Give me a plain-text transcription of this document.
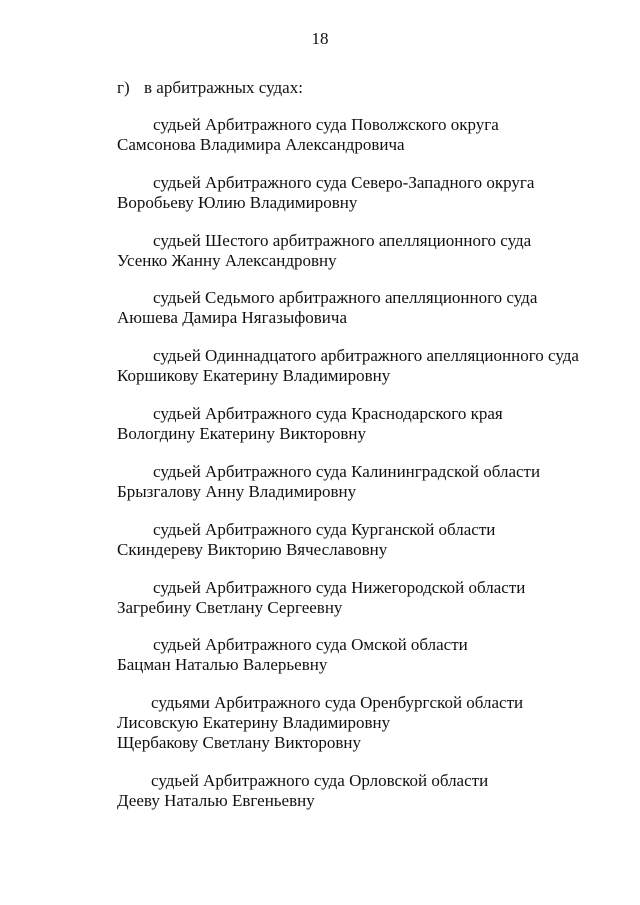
18
г) в арбитражных судах:
судьей Арбитражного суда Поволжского округа
Самсонова Владимира Александровича
судьей Арбитражного суда Северо-Западного округа
Воробьеву Юлию Владимировну
судьей Шестого арбитражного апелляционного суда
Усенко Жанну Александровну
судьей Седьмого арбитражного апелляционного суда
Аюшева Дамира Нягазыфовича
судьей Одиннадцатого арбитражного апелляционного суда
Коршикову Екатерину Владимировну
судьей Арбитражного суда Краснодарского края
Вологдину Екатерину Викторовну
судьей Арбитражного суда Калининградской области
Брызгалову Анну Владимировну
судьей Арбитражного суда Курганской области
Скиндереву Викторию Вячеславовну
судьей Арбитражного суда Нижегородской области
Загребину Светлану Сергеевну
судьей Арбитражного суда Омской области
Бацман Наталью Валерьевну
судьями Арбитражного суда Оренбургской области
Лисовскую Екатерину Владимировну
Щербакову Светлану Викторовну
судьей Арбитражного суда Орловской области
Дееву Наталью Евгеньевну
